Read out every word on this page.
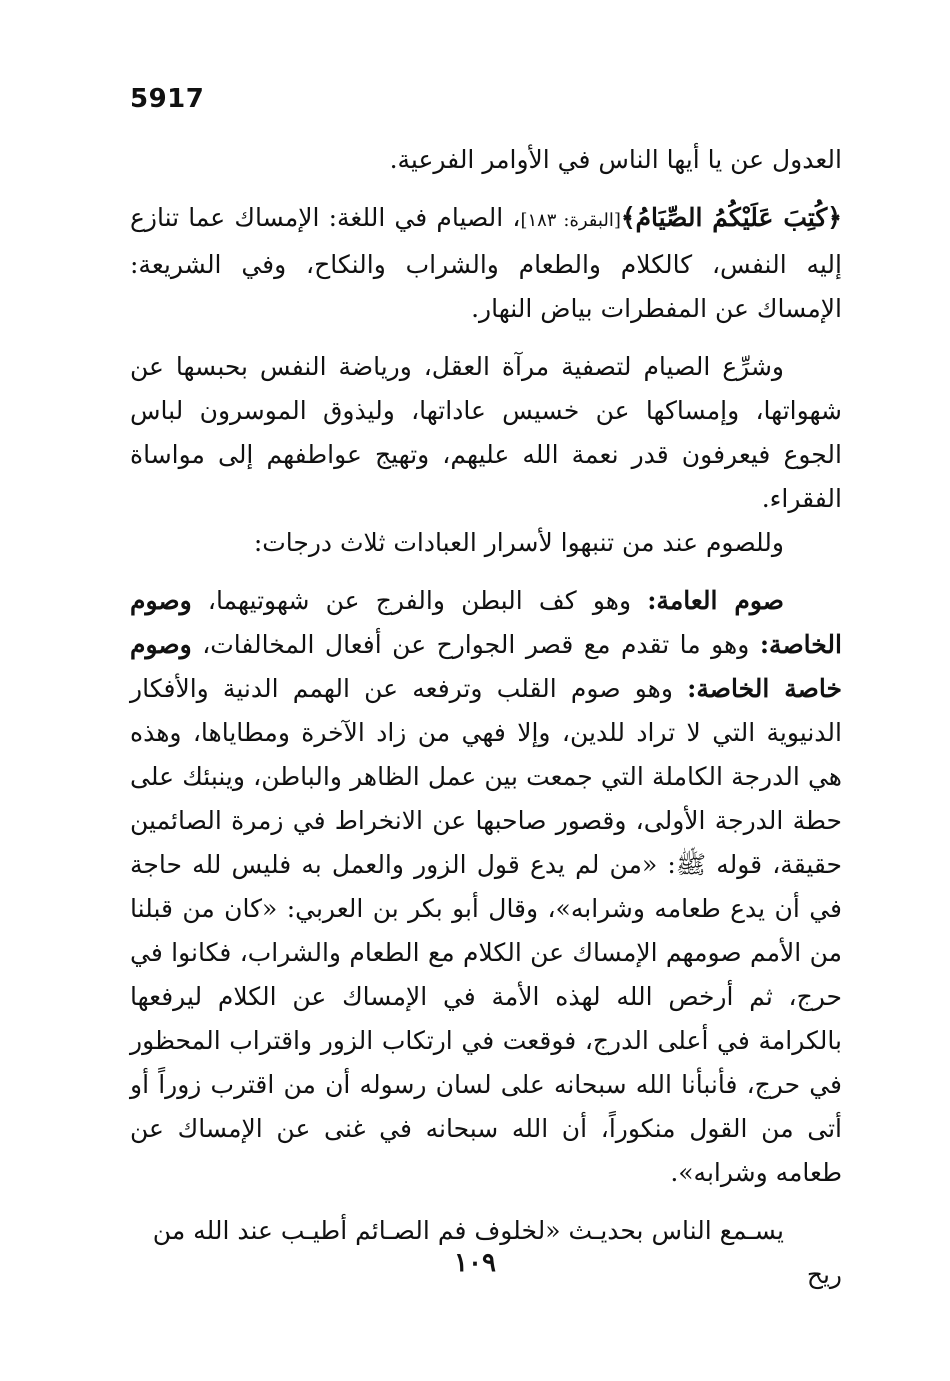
5917

العدول عن يا أيها الناس في الأوامر الفرعية.

﴿كُتِبَ عَلَيْكُمُ الصِّيَامُ﴾[البقرة: ١٨٣]، الصيام في اللغة: الإمساك عما تنازع إليه النفس، كالكلام والطعام والشراب والنكاح، وفي الشريعة: الإمساك عن المفطرات بياض النهار.

وشرِّع الصيام لتصفية مرآة العقل، ورياضة النفس بحبسها عن شهواتها، وإمساكها عن خسيس عاداتها، وليذوق الموسرون لباس الجوع فيعرفون قدر نعمة الله عليهم، وتهيج عواطفهم إلى مواساة الفقراء.

وللصوم عند من تنبهوا لأسرار العبادات ثلاث درجات:

صوم العامة: وهو كف البطن والفرج عن شهوتيهما، وصوم الخاصة: وهو ما تقدم مع قصر الجوارح عن أفعال المخالفات، وصوم خاصة الخاصة: وهو صوم القلب وترفعه عن الهمم الدنية والأفكار الدنيوية التي لا تراد للدين، وإلا فهي من زاد الآخرة ومطاياها، وهذه هي الدرجة الكاملة التي جمعت بين عمل الظاهر والباطن، وينبئك على حطة الدرجة الأولى، وقصور صاحبها عن الانخراط في زمرة الصائمين حقيقة، قوله ﷺ: «من لم يدع قول الزور والعمل به فليس لله حاجة في أن يدع طعامه وشرابه»، وقال أبو بكر بن العربي: «كان من قبلنا من الأمم صومهم الإمساك عن الكلام مع الطعام والشراب، فكانوا في حرج، ثم أرخص الله لهذه الأمة في الإمساك عن الكلام ليرفعها بالكرامة في أعلى الدرج، فوقعت في ارتكاب الزور واقتراب المحظور في حرج، فأنبأنا الله سبحانه على لسان رسوله أن من اقترب زوراً أو أتى من القول منكوراً، أن الله سبحانه في غنى عن الإمساك عن طعامه وشرابه».

يسـمع الناس بحديـث «لخلوف فم الصـائم أطيـب عند الله من ريح

١٠٩
